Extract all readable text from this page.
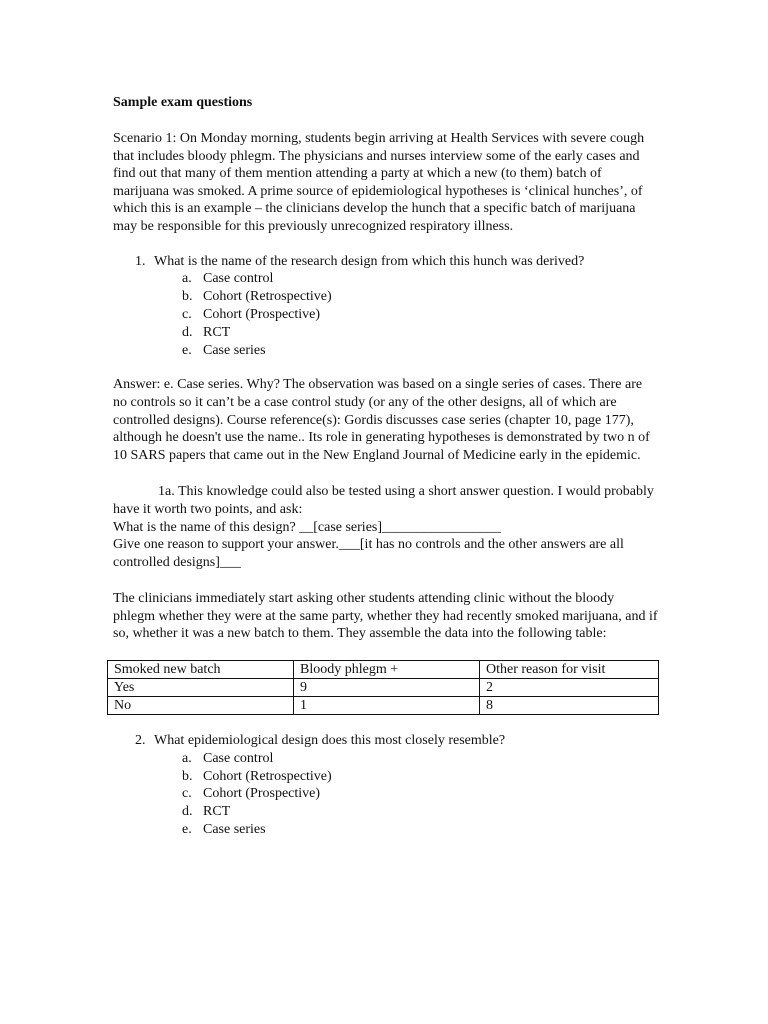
Sample exam questions

Scenario 1: On Monday morning, students begin arriving at Health Services with severe cough that includes bloody phlegm. The physicians and nurses interview some of the early cases and find out that many of them mention attending a party at which a new (to them) batch of marijuana was smoked. A prime source of epidemiological hypotheses is ‘clinical hunches’, of which this is an example – the clinicians develop the hunch that a specific batch of marijuana may be responsible for this previously unrecognized respiratory illness.

1. What is the name of the research design from which this hunch was derived?
a. Case control
b. Cohort (Retrospective)
c. Cohort (Prospective)
d. RCT
e. Case series

Answer: e. Case series. Why? The observation was based on a single series of cases. There are no controls so it can’t be a case control study (or any of the other designs, all of which are controlled designs). Course reference(s): Gordis discusses case series (chapter 10, page 177), although he doesn't use the name.. Its role in generating hypotheses is demonstrated by two n of 10 SARS papers that came out in the New England Journal of Medicine early in the epidemic.

1a. This knowledge could also be tested using a short answer question. I would probably have it worth two points, and ask:

What is the name of this design? __[case series]_________________

Give one reason to support your answer.___[it has no controls and the other answers are all controlled designs]___

The clinicians immediately start asking other students attending clinic without the bloody phlegm whether they were at the same party, whether they had recently smoked marijuana, and if so, whether it was a new batch to them. They assemble the data into the following table:

Smoked new batch	Bloody phlegm +	Other reason for visit
Yes	9	2
No	1	8
2. What epidemiological design does this most closely resemble?
a. Case control
b. Cohort (Retrospective)
c. Cohort (Prospective)
d. RCT
e. Case series
